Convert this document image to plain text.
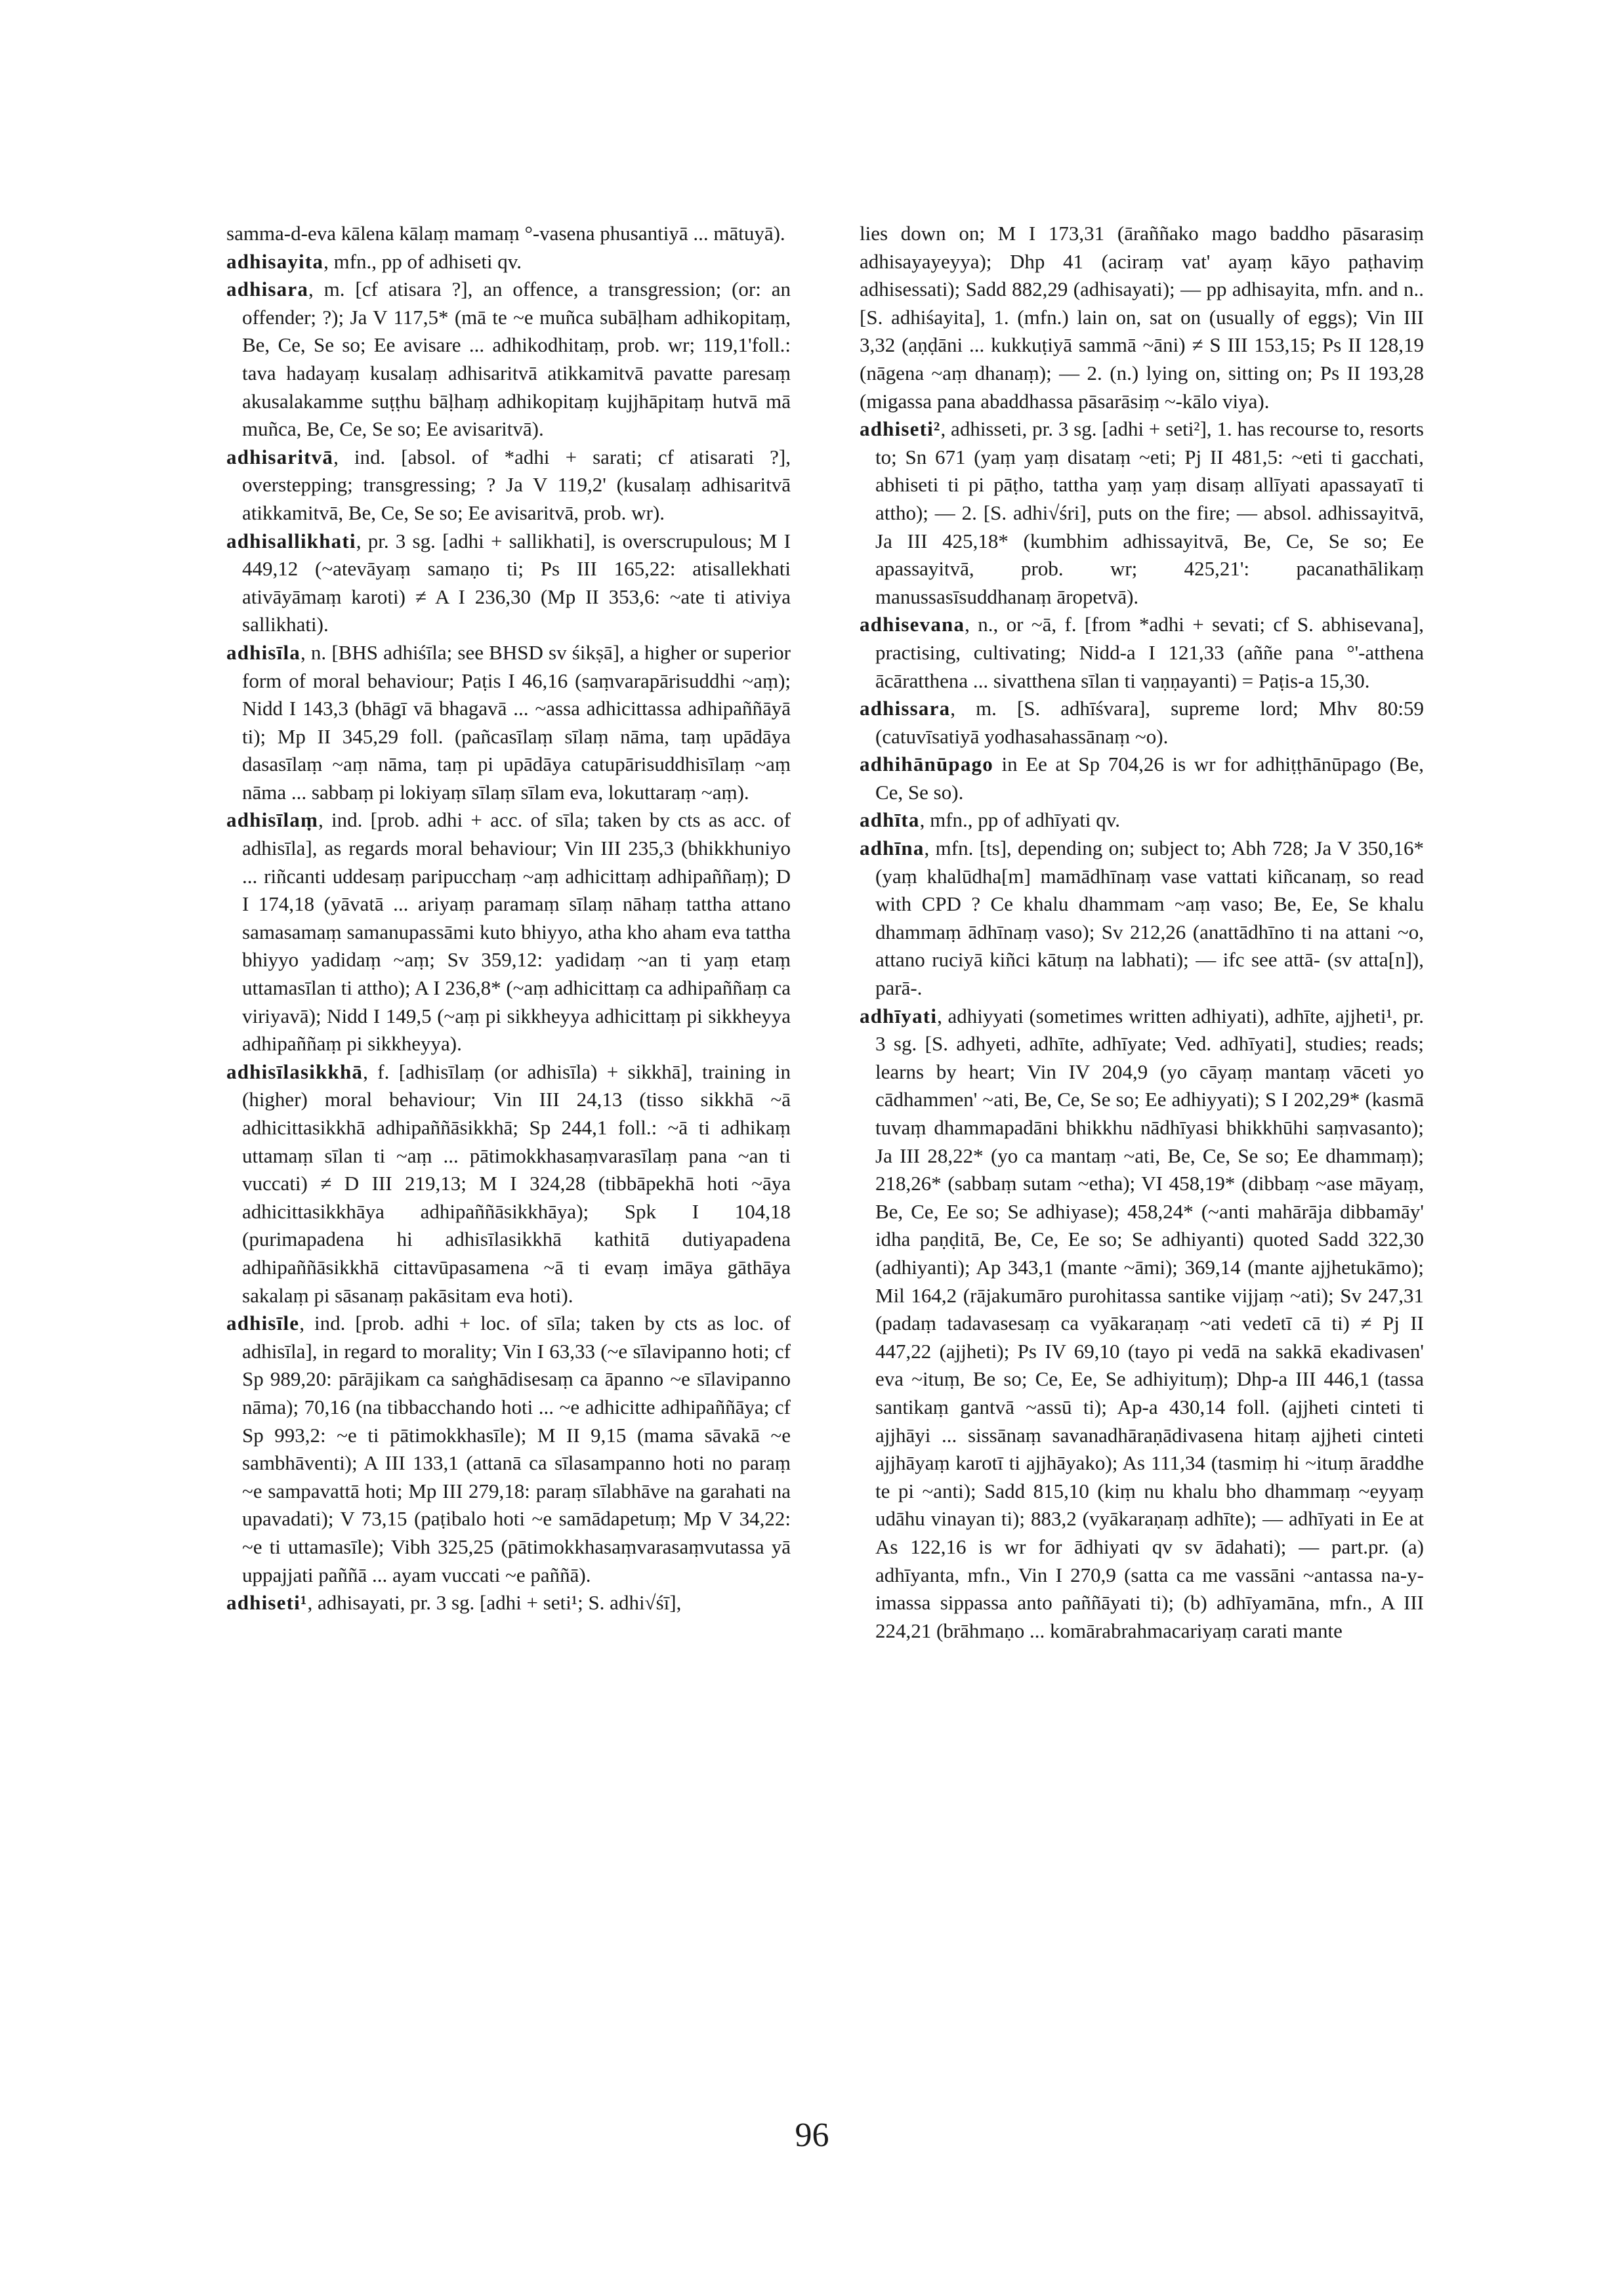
samma-d-eva kālena kālaṃ mamaṃ °-vasena phusantiyā ... mātuyā).

adhisayita, mfn., pp of adhiseti qv.

adhisara, m. [cf atisara ?], an offence, a transgression; (or: an offender; ?); Ja V 117,5* (mā te ~e muñca subāḷham adhikopitaṃ, Be, Ce, Se so; Ee avisare ... adhikodhitaṃ, prob. wr; 119,1'foll.: tava hadayaṃ kusalaṃ adhisaritvā atikkamitvā pavatte paresaṃ akusalakamme suṭṭhu bāḷhaṃ adhikopitaṃ kujjhāpitaṃ hutvā mā muñca, Be, Ce, Se so; Ee avisaritvā).

adhisaritvā, ind. [absol. of *adhi + sarati; cf atisarati ?], overstepping; transgressing; ? Ja V 119,2' (kusalaṃ adhisaritvā atikkamitvā, Be, Ce, Se so; Ee avisaritvā, prob. wr).

adhisallikhati, pr. 3 sg. [adhi + sallikhati], is overscrupulous; M I 449,12 (~atevāyaṃ samaṇo ti; Ps III 165,22: atisallekhati ativāyāmaṃ karoti) ≠ A I 236,30 (Mp II 353,6: ~ate ti ativiya sallikhati).

adhisīla, n. [BHS adhiśīla; see BHSD sv śikṣā], a higher or superior form of moral behaviour; Paṭis I 46,16 (saṃvarapārisuddhi ~aṃ); Nidd I 143,3 (bhāgī vā bhagavā ... ~assa adhicittassa adhipaññāyā ti); Mp II 345,29 foll. (pañcasīlaṃ sīlaṃ nāma, taṃ upādāya dasasīlaṃ ~aṃ nāma, taṃ pi upādāya catupārisuddhisīlaṃ ~aṃ nāma ... sabbaṃ pi lokiyaṃ sīlaṃ sīlam eva, lokuttaraṃ ~aṃ).

adhisīlaṃ, ind. [prob. adhi + acc. of sīla; taken by cts as acc. of adhisīla], as regards moral behaviour; Vin III 235,3 (bhikkhuniyo ... riñcanti uddesaṃ paripucchaṃ ~aṃ adhicittaṃ adhipaññaṃ); D I 174,18 (yāvatā ... ariyaṃ paramaṃ sīlaṃ nāhaṃ tattha attano samasamaṃ samanupassāmi kuto bhiyyo, atha kho aham eva tattha bhiyyo yadidaṃ ~aṃ; Sv 359,12: yadidaṃ ~an ti yaṃ etaṃ uttamasīlan ti attho); A I 236,8* (~aṃ adhicittaṃ ca adhipaññaṃ ca viriyavā); Nidd I 149,5 (~aṃ pi sikkheyya adhicittaṃ pi sikkheyya adhipaññaṃ pi sikkheyya).

adhisīlasikkhā, f. [adhisīlaṃ (or adhisīla) + sikkhā], training in (higher) moral behaviour; Vin III 24,13 (tisso sikkhā ~ā adhicittasikkhā adhipaññāsikkhā; Sp 244,1 foll.: ~ā ti adhikaṃ uttamaṃ sīlan ti ~aṃ ... pātimokkhasaṃvarasīlaṃ pana ~an ti vuccati) ≠ D III 219,13; M I 324,28 (tibbāpekhā hoti ~āya adhicittasikkhāya adhipaññāsikkhāya); Spk I 104,18 (purimapadena hi adhisīlasikkhā kathitā dutiyapadena adhipaññāsikkhā cittavūpasamena ~ā ti evaṃ imāya gāthāya sakalaṃ pi sāsanaṃ pakāsitam eva hoti).

adhisīle, ind. [prob. adhi + loc. of sīla; taken by cts as loc. of adhisīla], in regard to morality; Vin I 63,33 (~e sīlavipanno hoti; cf Sp 989,20: pārājikam ca saṅghādisesaṃ ca āpanno ~e sīlavipanno nāma); 70,16 (na tibbacchando hoti ... ~e adhicitte adhipaññāya; cf Sp 993,2: ~e ti pātimokkhasīle); M II 9,15 (mama sāvakā ~e sambhāventi); A III 133,1 (attanā ca sīlasampanno hoti no paraṃ ~e sampavattā hoti; Mp III 279,18: paraṃ sīlabhāve na garahati na upavadati); V 73,15 (paṭibalo hoti ~e samādapetuṃ; Mp V 34,22: ~e ti uttamasīle); Vibh 325,25 (pātimokkhasaṃvarasaṃvutassa yā uppajjati paññā ... ayam vuccati ~e paññā).

adhiseti¹, adhisayati, pr. 3 sg. [adhi + seti¹; S. adhi√śī],

lies down on; M I 173,31 (āraññako mago baddho pāsarasiṃ adhisayayeyya); Dhp 41 (aciraṃ vat' ayaṃ kāyo paṭhaviṃ adhisessati); Sadd 882,29 (adhisayati); — pp adhisayita, mfn. and n.. [S. adhiśayita], 1. (mfn.) lain on, sat on (usually of eggs); Vin III 3,32 (aṇḍāni ... kukkuṭiyā sammā ~āni) ≠ S III 153,15; Ps II 128,19 (nāgena ~aṃ dhanaṃ); — 2. (n.) lying on, sitting on; Ps II 193,28 (migassa pana abaddhassa pāsarāsiṃ ~-kālo viya).

adhiseti², adhisseti, pr. 3 sg. [adhi + seti²], 1. has recourse to, resorts to; Sn 671 (yaṃ yaṃ disataṃ ~eti; Pj II 481,5: ~eti ti gacchati, abhiseti ti pi pāṭho, tattha yaṃ yaṃ disaṃ allīyati apassayatī ti attho); — 2. [S. adhi√śri], puts on the fire; — absol. adhissayitvā, Ja III 425,18* (kumbhim adhissayitvā, Be, Ce, Se so; Ee apassayitvā, prob. wr; 425,21': pacanathālikaṃ manussasīsuddhanaṃ āropetvā).

adhisevana, n., or ~ā, f. [from *adhi + sevati; cf S. abhisevana], practising, cultivating; Nidd-a I 121,33 (aññe pana °'-atthena ācāratthena ... sivatthena sīlan ti vaṇṇayanti) = Paṭis-a 15,30.

adhissara, m. [S. adhīśvara], supreme lord; Mhv 80:59 (catuvīsatiyā yodhasahassānaṃ ~o).

adhihānūpago in Ee at Sp 704,26 is wr for adhiṭṭhānūpago (Be, Ce, Se so).

adhīta, mfn., pp of adhīyati qv.

adhīna, mfn. [ts], depending on; subject to; Abh 728; Ja V 350,16* (yaṃ khalūdha[m] mamādhīnaṃ vase vattati kiñcanaṃ, so read with CPD ? Ce khalu dhammam ~aṃ vaso; Be, Ee, Se khalu dhammaṃ ādhīnaṃ vaso); Sv 212,26 (anattādhīno ti na attani ~o, attano ruciyā kiñci kātuṃ na labhati); — ifc see attā- (sv atta[n]), parā-.

adhīyati, adhiyyati (sometimes written adhiyati), adhīte, ajjheti¹, pr. 3 sg. [S. adhyeti, adhīte, adhīyate; Ved. adhīyati], studies; reads; learns by heart; Vin IV 204,9 (yo cāyaṃ mantaṃ vāceti yo cādhammen' ~ati, Be, Ce, Se so; Ee adhiyyati); S I 202,29* (kasmā tuvaṃ dhammapadāni bhikkhu nādhīyasi bhikkhūhi saṃvasanto); Ja III 28,22* (yo ca mantaṃ ~ati, Be, Ce, Se so; Ee dhammaṃ); 218,26* (sabbaṃ sutam ~etha); VI 458,19* (dibbaṃ ~ase māyaṃ, Be, Ce, Ee so; Se adhiyase); 458,24* (~anti mahārāja dibbamāy' idha paṇḍitā, Be, Ce, Ee so; Se adhiyanti) quoted Sadd 322,30 (adhiyanti); Ap 343,1 (mante ~āmi); 369,14 (mante ajjhetukāmo); Mil 164,2 (rājakumāro purohitassa santike vijjaṃ ~ati); Sv 247,31 (padaṃ tadavasesaṃ ca vyākaraṇaṃ ~ati vedetī cā ti) ≠ Pj II 447,22 (ajjheti); Ps IV 69,10 (tayo pi vedā na sakkā ekadivasen' eva ~ituṃ, Be so; Ce, Ee, Se adhiyituṃ); Dhp-a III 446,1 (tassa santikaṃ gantvā ~assū ti); Ap-a 430,14 foll. (ajjheti cinteti ti ajjhāyi ... sissānaṃ savanadhāraṇādivasena hitaṃ ajjheti cinteti ajjhāyaṃ karotī ti ajjhāyako); As 111,34 (tasmiṃ hi ~ituṃ āraddhe te pi ~anti); Sadd 815,10 (kiṃ nu khalu bho dhammaṃ ~eyyaṃ udāhu vinayan ti); 883,2 (vyākaraṇaṃ adhīte); — adhīyati in Ee at As 122,16 is wr for ādhiyati qv sv ādahati); — part.pr. (a) adhīyanta, mfn., Vin I 270,9 (satta ca me vassāni ~antassa na-y-imassa sippassa anto paññāyati ti); (b) adhīyamāna, mfn., A III 224,21 (brāhmaṇo ... komārabrahmacariyaṃ carati mante

96
